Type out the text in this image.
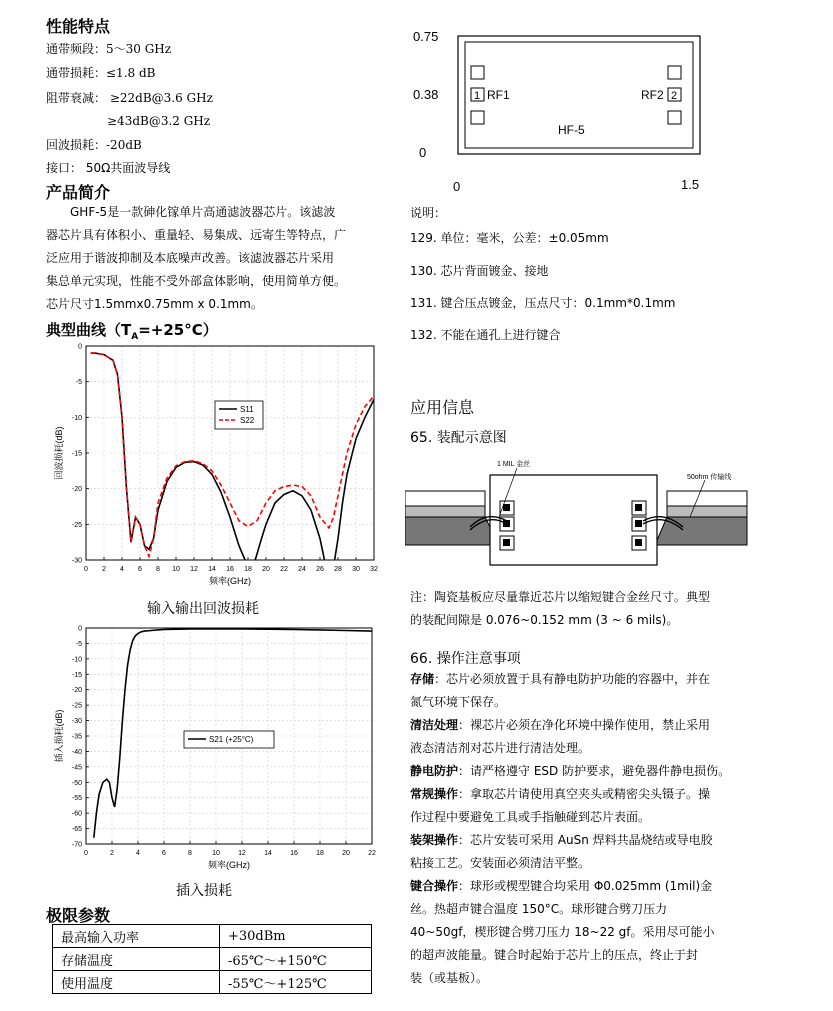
性能特点
通带频段：5～30 GHz
通带损耗：≤1.8 dB
阻带衰减： ≥22dB@3.6 GHz
≥43dB@3.2 GHz
回波损耗：-20dB
接口： 50Ω共面波导线
产品简介
GHF-5是一款砷化镓单片高通滤波器芯片。该滤波
器芯片具有体积小、重量轻、易集成、远寄生等特点，广
泛应用于谐波抑制及本底噪声改善。该滤波器芯片采用
集总单元实现，性能不受外部盒体影响，使用简单方便。
芯片尺寸1.5mmx0.75mm x 0.1mm。
典型曲线$(T_A=+25^\circ C)$
0 2 4 6 8 10 12 14 16 18 20 22 24 26 28 30 32
0
-5
-10
-15
-20
-25
-30
频率(GHz)
回波损耗(dB)
S11
S22
输入输出回波损耗
0	2	4	6	8	10	12	14	16	18	20	22
0
-5
-10
-15
-20
-25
-30
-35
-40
-45
-50
-55
-60
-65
-70
频率(GHz)
插入损耗(dB)	S21 (+25°C)
插入损耗
极限参数
最高输入功率	+30dBm
存储温度	-65℃～+150℃
使用温度	-55℃～+125℃
0.75
0.38
0
0	1.5
1 RF1	2
RF2
HF-5
说明：
129. 单位：毫米，公差：±0.05mm
130. 芯片背面镀金、接地
131. 键合压点镀金，压点尺寸：0.1mm*0.1mm
132. 不能在通孔上进行键合
应用信息
65. 装配示意图
1 MIL 金丝
50ohm 传输线
注：陶瓷基板应尽量靠近芯片以缩短键合金丝尺寸。典型
的装配间隙是 0.076~0.152 mm (3 ~ 6 mils)。
66. 操作注意事项
存储：芯片必须放置于具有静电防护功能的容器中，并在
氮气环境下保存。
清洁处理：裸芯片必须在净化环境中操作使用，禁止采用
液态清洁剂对芯片进行清洁处理。
静电防护：请严格遵守 ESD 防护要求，避免器件静电损伤。
常规操作：拿取芯片请使用真空夹头或精密尖头镊子。操
作过程中要避免工具或手指触碰到芯片表面。
装架操作：芯片安装可采用 AuSn 焊料共晶烧结或导电胶
粘接工艺。安装面必须清洁平整。
键合操作：球形或楔型键合均采用 Φ0.025mm (1mil)金
丝。热超声键合温度 150°C。球形键合劈刀压力
40~50gf，楔形键合劈刀压力 18~22 gf。采用尽可能小
的超声波能量。键合时起始于芯片上的压点，终止于封
装（或基板）。
